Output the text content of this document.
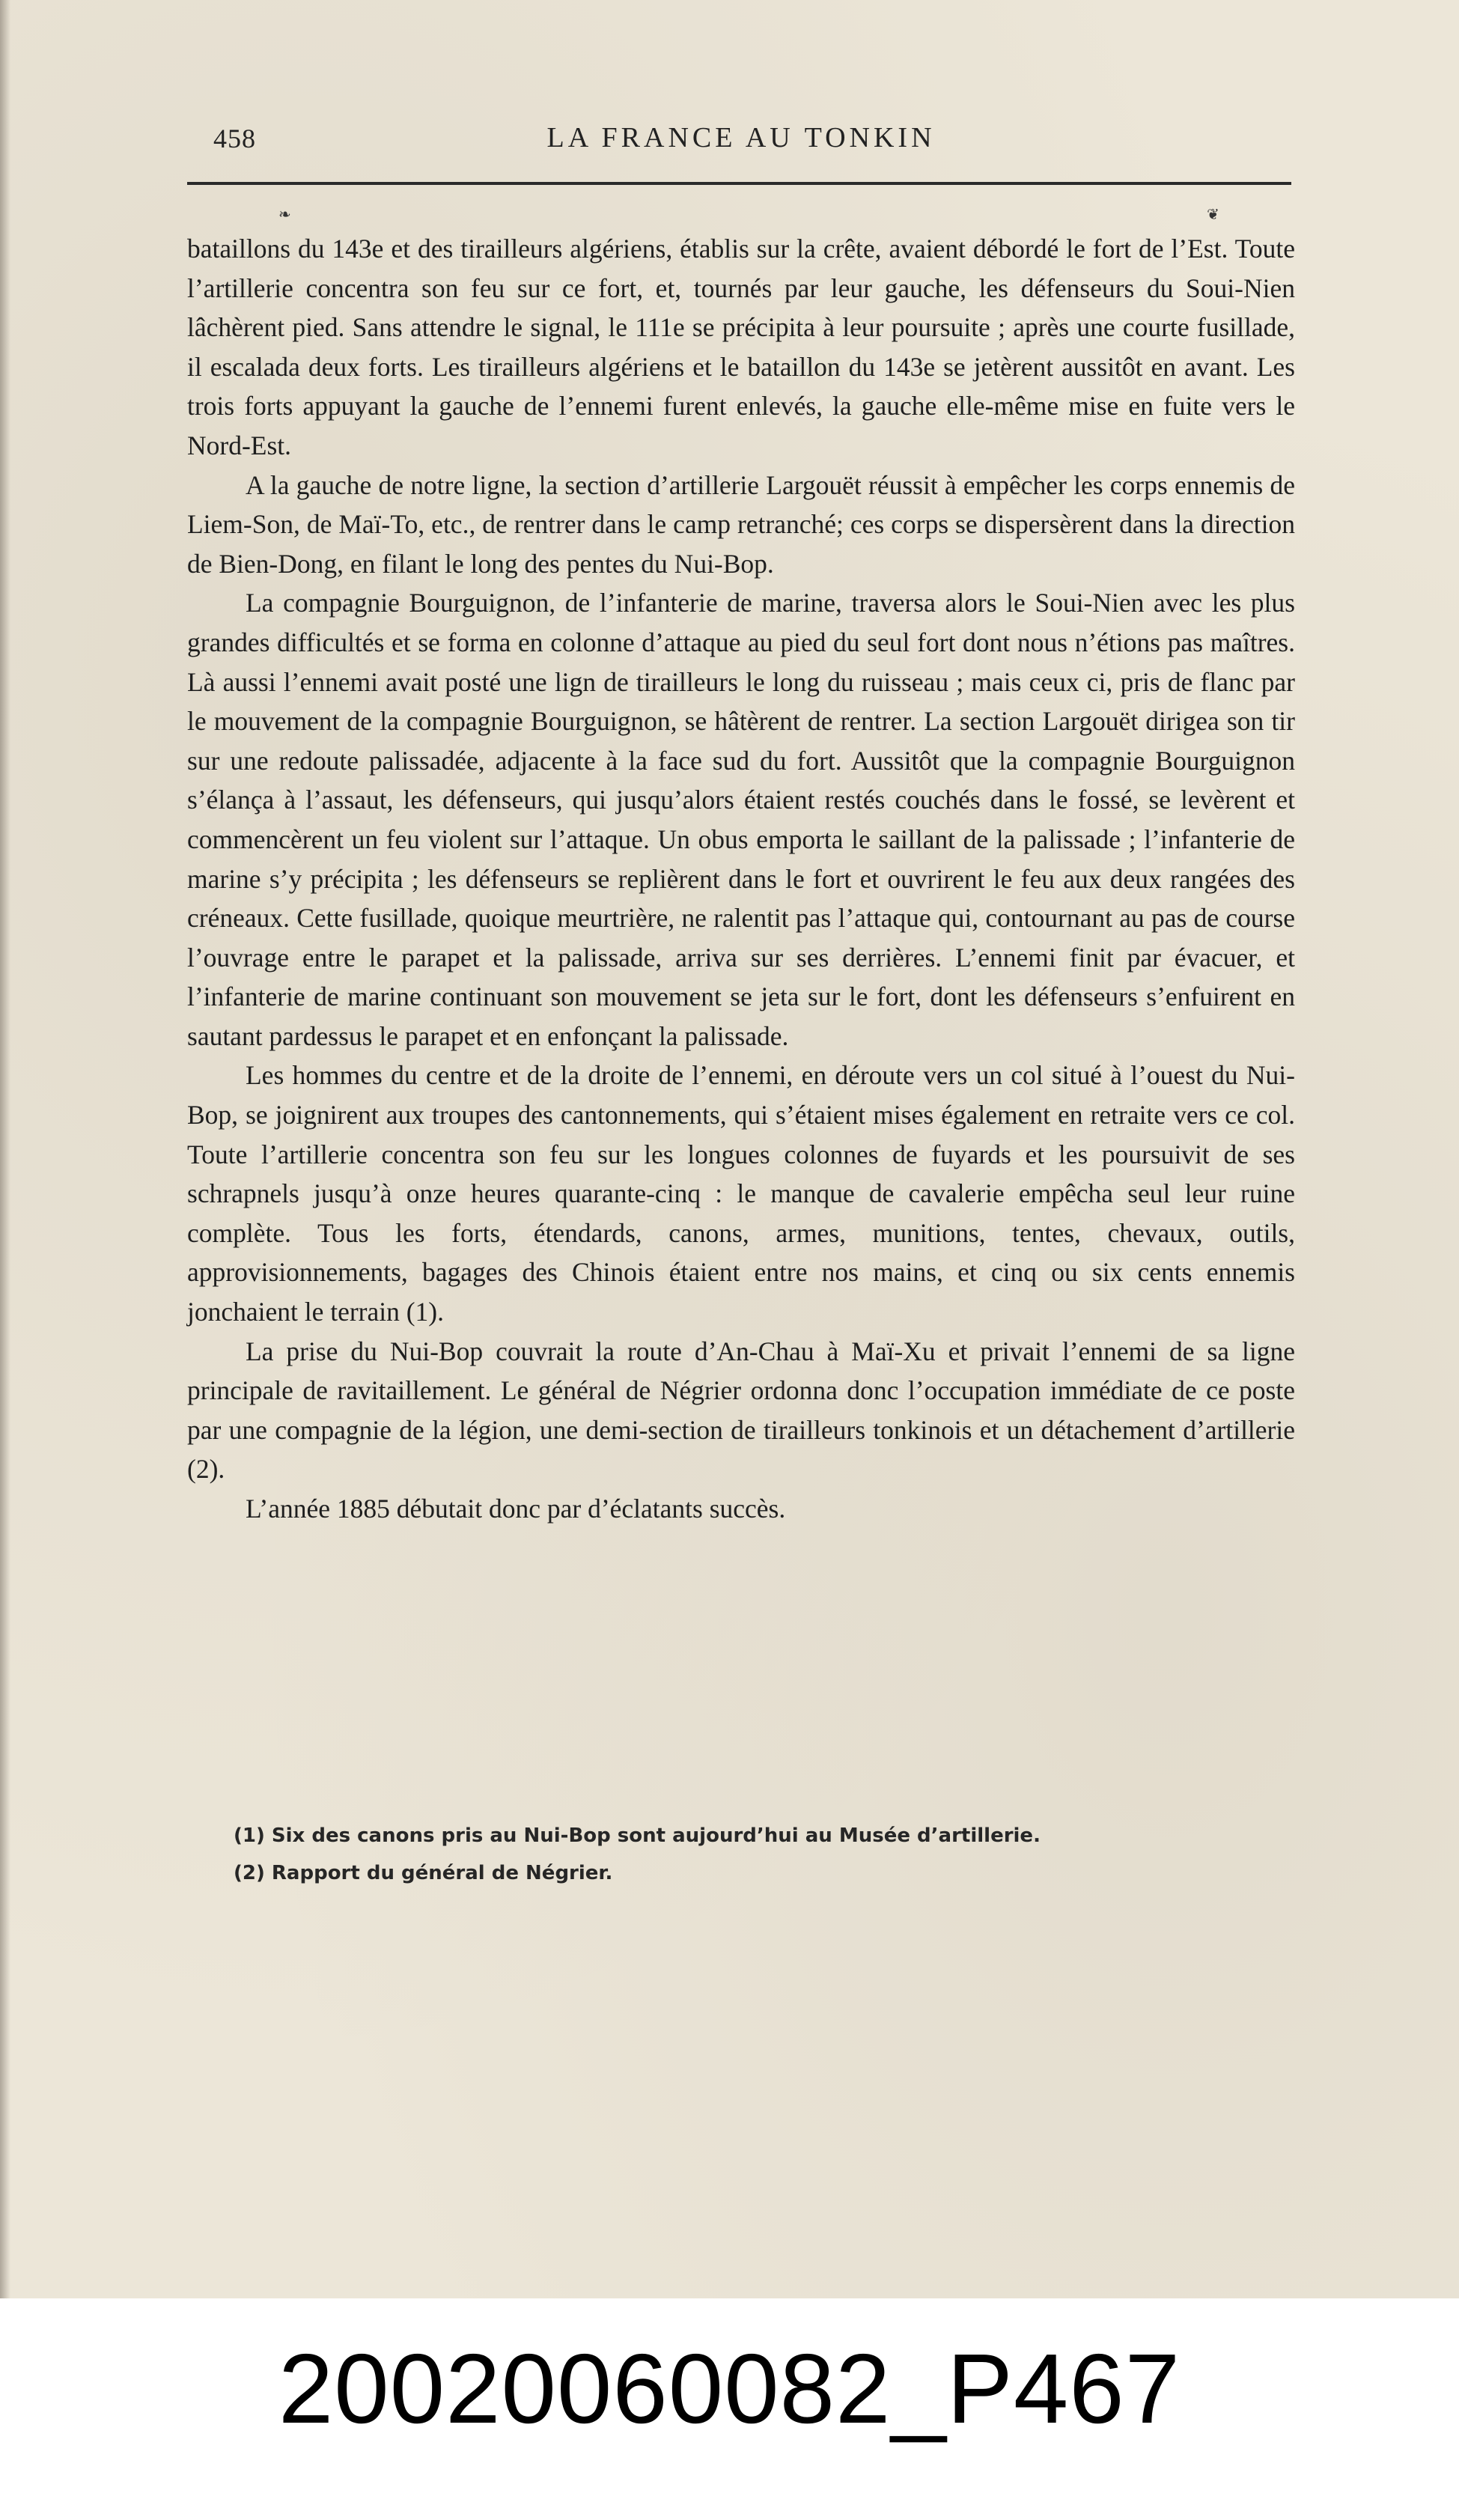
458	LA FRANCE AU TONKIN
❧	❦

bataillons du 143e et des tirailleurs algériens, établis sur la crête, avaient débordé le fort de l’Est. Toute l’artillerie concentra son feu sur ce fort, et, tournés par leur gauche, les défenseurs du Soui-Nien lâchèrent pied. Sans attendre le signal, le 111e se précipita à leur poursuite ; après une courte fusillade, il escalada deux forts. Les tirailleurs algériens et le bataillon du 143e se jetèrent aussitôt en avant. Les trois forts appuyant la gauche de l’ennemi furent enlevés, la gauche elle-même mise en fuite vers le Nord-Est.

A la gauche de notre ligne, la section d’artillerie Largouët réussit à empêcher les corps ennemis de Liem-Son, de Maï-To, etc., de rentrer dans le camp retranché; ces corps se dispersèrent dans la direction de Bien-Dong, en filant le long des pentes du Nui-Bop.

La compagnie Bourguignon, de l’infanterie de marine, traversa alors le Soui-Nien avec les plus grandes difficultés et se forma en colonne d’attaque au pied du seul fort dont nous n’étions pas maîtres. Là aussi l’ennemi avait posté une lign de tirailleurs le long du ruisseau ; mais ceux ci, pris de flanc par le mouvement de la compagnie Bourguignon, se hâtèrent de rentrer. La section Largouët dirigea son tir sur une redoute palissadée, adjacente à la face sud du fort. Aussitôt que la compagnie Bourguignon s’élança à l’assaut, les défenseurs, qui jusqu’alors étaient restés couchés dans le fossé, se levèrent et commencèrent un feu violent sur l’attaque. Un obus emporta le saillant de la palissade ; l’infanterie de marine s’y précipita ; les défenseurs se replièrent dans le fort et ouvrirent le feu aux deux rangées des créneaux. Cette fusillade, quoique meurtrière, ne ralentit pas l’attaque qui, contournant au pas de course l’ouvrage entre le parapet et la palissade, arriva sur ses derrières. L’ennemi finit par évacuer, et l’infanterie de marine continuant son mouvement se jeta sur le fort, dont les défenseurs s’enfuirent en sautant pardessus le parapet et en enfonçant la palissade.

Les hommes du centre et de la droite de l’ennemi, en déroute vers un col situé à l’ouest du Nui-Bop, se joignirent aux troupes des cantonnements, qui s’étaient mises également en retraite vers ce col. Toute l’artillerie concentra son feu sur les longues colonnes de fuyards et les poursuivit de ses schrapnels jusqu’à onze heures quarante-cinq : le manque de cavalerie empêcha seul leur ruine complète. Tous les forts, étendards, canons, armes, munitions, tentes, chevaux, outils, approvisionnements, bagages des Chinois étaient entre nos mains, et cinq ou six cents ennemis jonchaient le terrain (1).

La prise du Nui-Bop couvrait la route d’An-Chau à Maï-Xu et privait l’ennemi de sa ligne principale de ravitaillement. Le général de Négrier ordonna donc l’occupation immédiate de ce poste par une compagnie de la légion, une demi-section de tirailleurs tonkinois et un détachement d’artillerie (2).

L’année 1885 débutait donc par d’éclatants succès.

(1) Six des canons pris au Nui-Bop sont aujourd’hui au Musée d’artillerie.
(2) Rapport du général de Négrier.
20020060082_P467
